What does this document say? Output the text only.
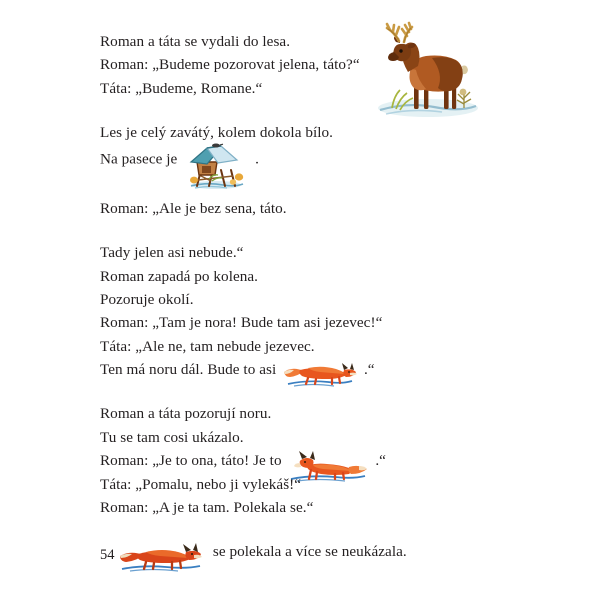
Roman a táta se vydali do lesa.
Roman: „Budeme pozorovat jelena, táto?“
Táta: „Budeme, Romane.“
Les je celý zavátý, kolem dokola bílo.
Na pasece je	.
Roman: „Ale je bez sena, táto.
Tady jelen asi nebude.“
Roman zapadá po kolena.
Pozoruje okolí.
Roman: „Tam je nora! Bude tam asi jezevec!“
Táta: „Ale ne, tam nebude jezevec.
Ten má noru dál. Bude to asi	.“
Roman a táta pozorují noru.
Tu se tam cosi ukázalo.
Roman: „Je to ona, táto! Je to	.“
Táta: „Pomalu, nebo ji vylekáš!“
Roman: „A je ta tam. Polekala se.“
se polekala a více se neukázala.
54
